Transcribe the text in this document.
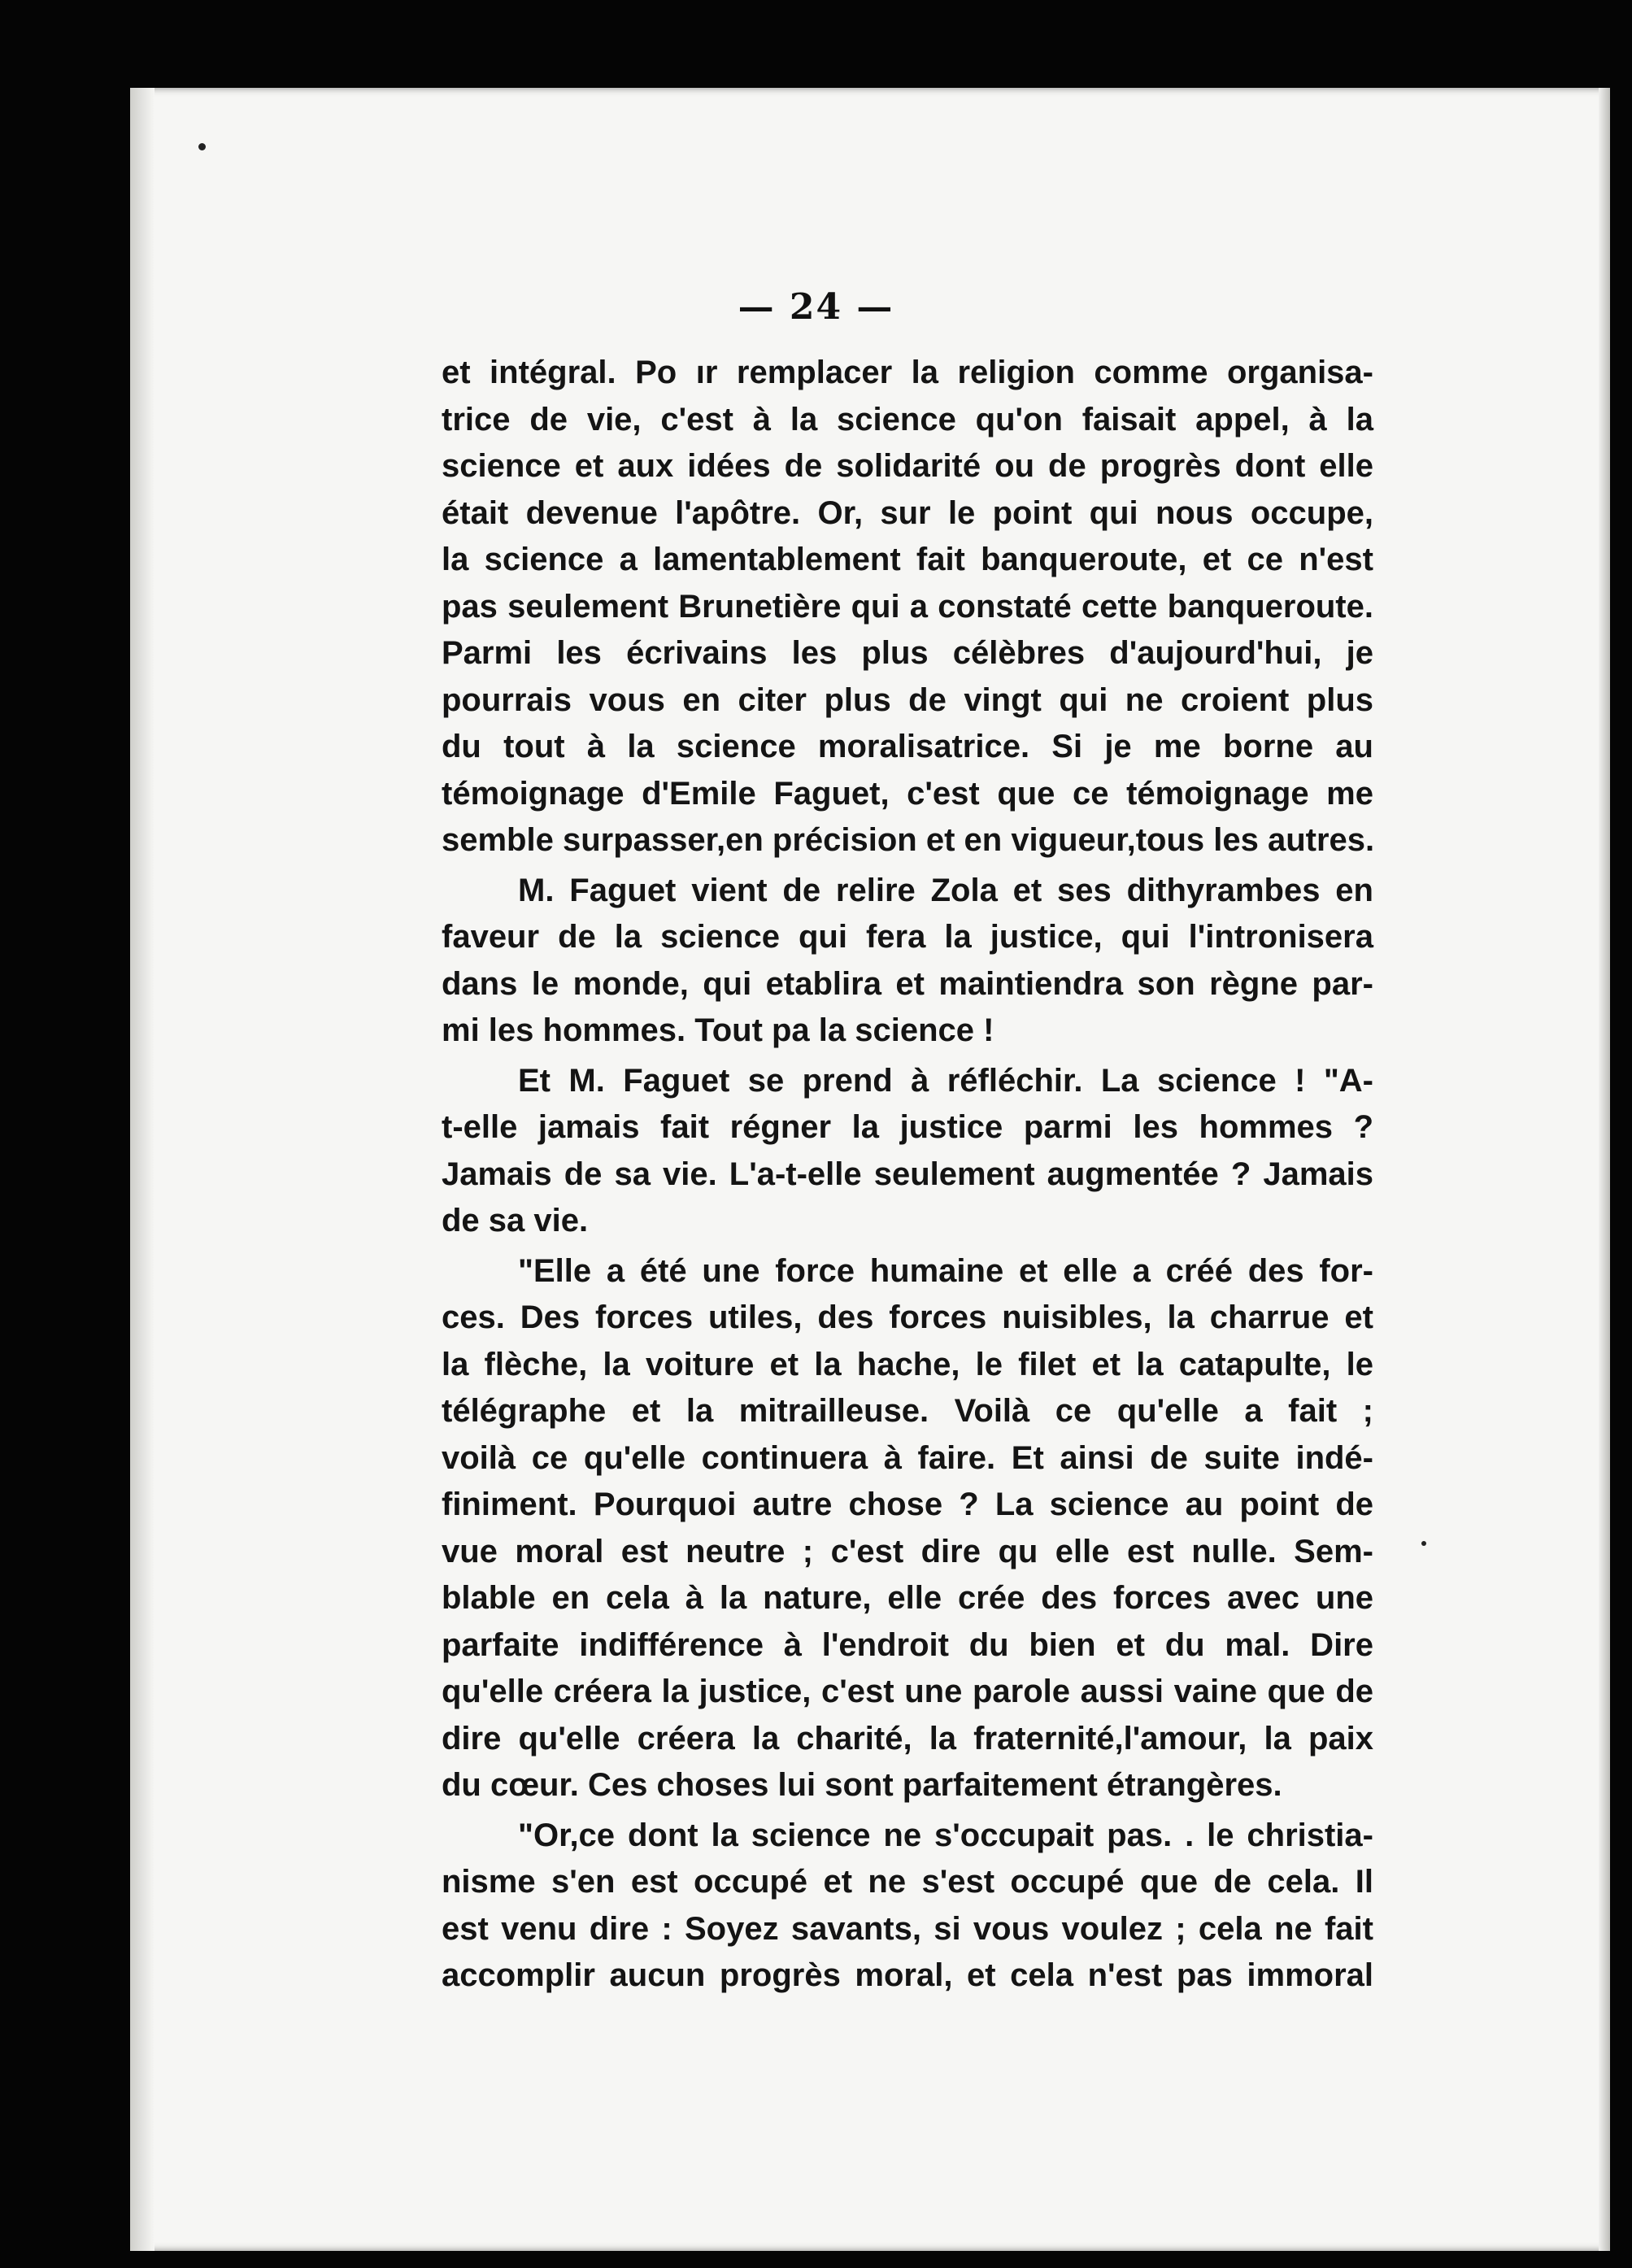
— 24 —
et intégral. Po ır remplacer la religion comme organisa-
trice de vie, c'est à la science qu'on faisait appel, à la
science et aux idées de solidarité ou de progrès dont elle
était devenue l'apôtre. Or, sur le point qui nous occupe,
la science a lamentablement fait banqueroute, et ce n'est
pas seulement Brunetière qui a constaté cette banqueroute.
Parmi les écrivains les plus célèbres d'aujourd'hui, je
pourrais vous en citer plus de vingt qui ne croient plus
du tout à la science moralisatrice. Si je me borne au
témoignage d'Emile Faguet, c'est que ce témoignage me
semble surpasser,en précision et en vigueur,tous les autres.
M. Faguet vient de relire Zola et ses dithyrambes en
faveur de la science qui fera la justice, qui l'intronisera
dans le monde, qui etablira et maintiendra son règne par-
mi les hommes. Tout pa la science !
Et M. Faguet se prend à réfléchir. La science ! "A-
t-elle jamais fait régner la justice parmi les hommes ?
Jamais de sa vie. L'a-t-elle seulement augmentée ? Jamais
de sa vie.
"Elle a été une force humaine et elle a créé des for-
ces. Des forces utiles, des forces nuisibles, la charrue et
la flèche, la voiture et la hache, le filet et la catapulte, le
télégraphe et la mitrailleuse. Voilà ce qu'elle a fait ;
voilà ce qu'elle continuera à faire. Et ainsi de suite indé-
finiment. Pourquoi autre chose ? La science au point de
vue moral est neutre ; c'est dire qu elle est nulle. Sem-
blable en cela à la nature, elle crée des forces avec une
parfaite indifférence à l'endroit du bien et du mal. Dire
qu'elle créera la justice, c'est une parole aussi vaine que de
dire qu'elle créera la charité, la fraternité,l'amour, la paix
du cœur. Ces choses lui sont parfaitement étrangères.
"Or,ce dont la science ne s'occupait pas. . le christia-
nisme s'en est occupé et ne s'est occupé que de cela. Il
est venu dire : Soyez savants, si vous voulez ; cela ne fait
accomplir aucun progrès moral, et cela n'est pas immoral
